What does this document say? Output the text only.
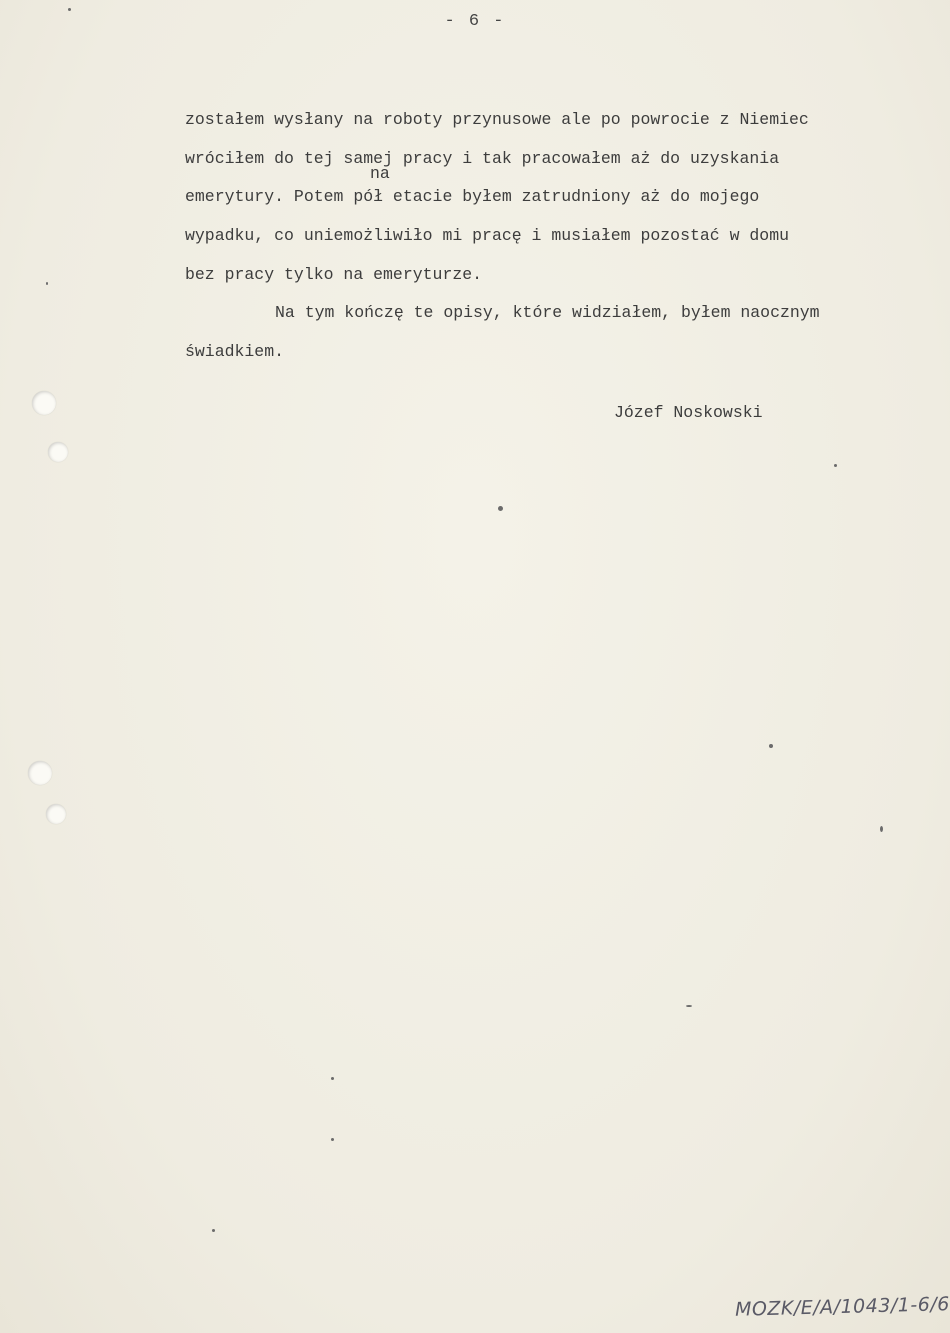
- 6 -
na
zostałem wysłany na roboty przynusowe ale po powrocie z Niemiec
wróciłem do tej samej pracy i tak pracowałem aż do uzyskania
emerytury. Potem pół etacie byłem zatrudniony aż do mojego
wypadku, co uniemożliwiło mi pracę i musiałem pozostać w domu
bez pracy tylko na emeryturze.
Na tym kończę te opisy, które widziałem, byłem naocznym
świadkiem.
Józef Noskowski
MOZK/E/A/1043/1-6/6
